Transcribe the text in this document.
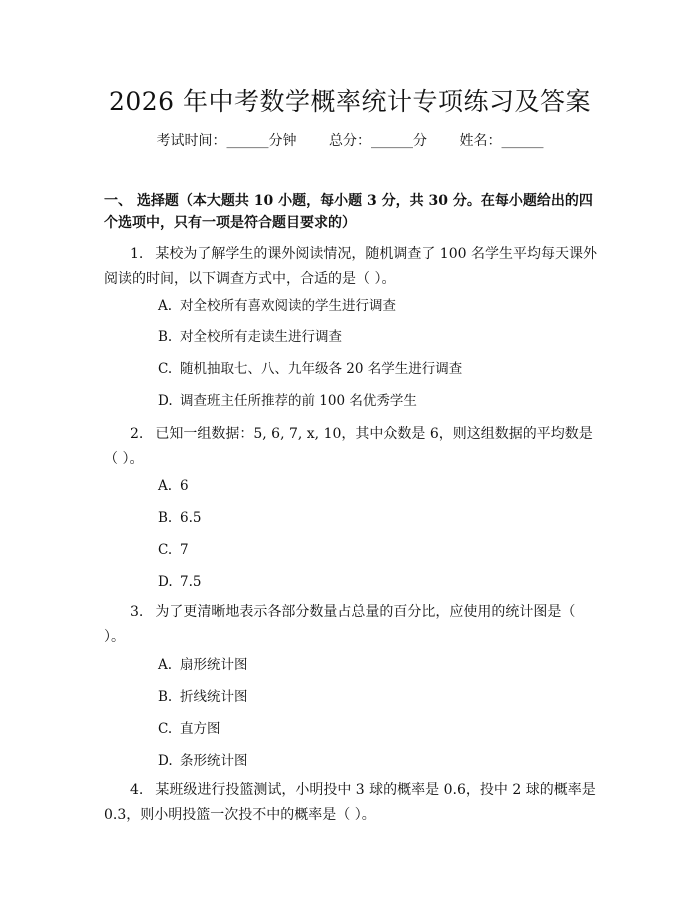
2026 年中考数学概率统计专项练习及答案
考试时间：______分钟 总分：______分 姓名：______
一、 选择题（本大题共 10 小题，每小题 3 分，共 30 分。在每小题给出的四个选项中，只有一项是符合题目要求的）
1. 某校为了解学生的课外阅读情况，随机调查了 100 名学生平均每天课外阅读的时间，以下调查方式中，合适的是（ ）。
A. 对全校所有喜欢阅读的学生进行调查
B. 对全校所有走读生进行调查
C. 随机抽取七、八、九年级各 20 名学生进行调查
D. 调查班主任所推荐的前 100 名优秀学生
2. 已知一组数据：5, 6, 7, x, 10，其中众数是 6，则这组数据的平均数是（ ）。
A. 6
B. 6.5
C. 7
D. 7.5
3. 为了更清晰地表示各部分数量占总量的百分比，应使用的统计图是（ ）。
A. 扇形统计图
B. 折线统计图
C. 直方图
D. 条形统计图
4. 某班级进行投篮测试，小明投中 3 球的概率是 0.6，投中 2 球的概率是 0.3，则小明投篮一次投不中的概率是（ ）。
